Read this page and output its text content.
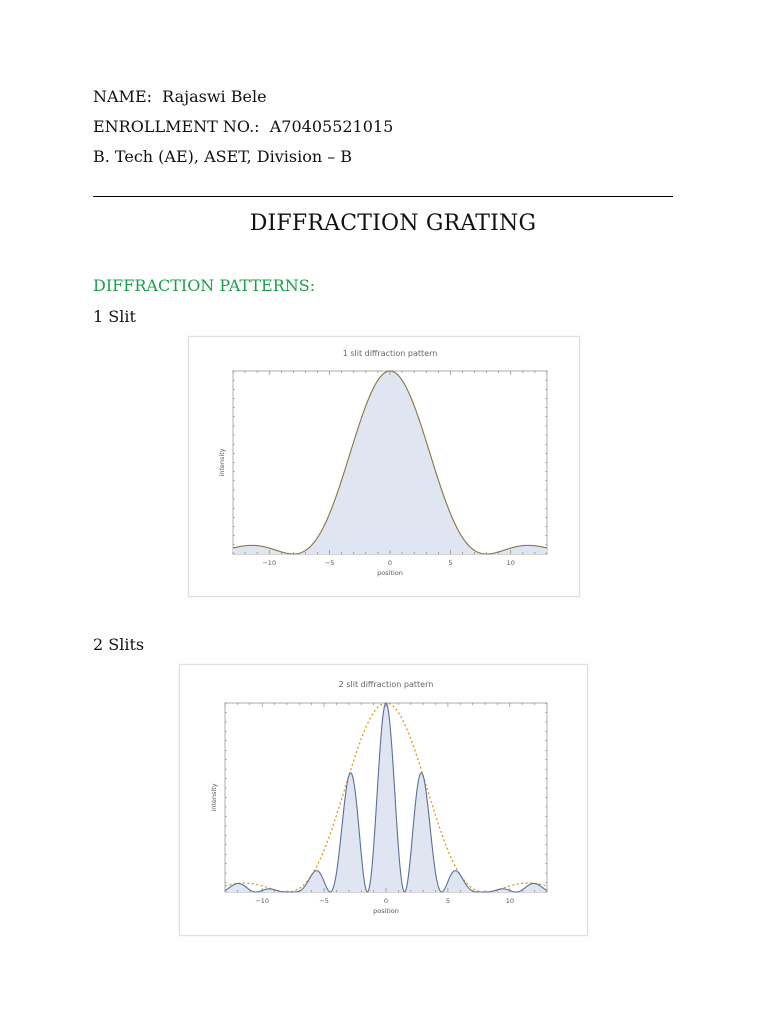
NAME:  Rajaswi Bele
ENROLLMENT NO.:  A70405521015
B. Tech (AE), ASET, Division – B
DIFFRACTION GRATING
DIFFRACTION PATTERNS:
1 Slit
1 slit diffraction pattern
−10	−5	0	5	10
position
intensity
2 Slits
2 slit diffraction pattern
−10	−5	0	5	10
position
intensity
